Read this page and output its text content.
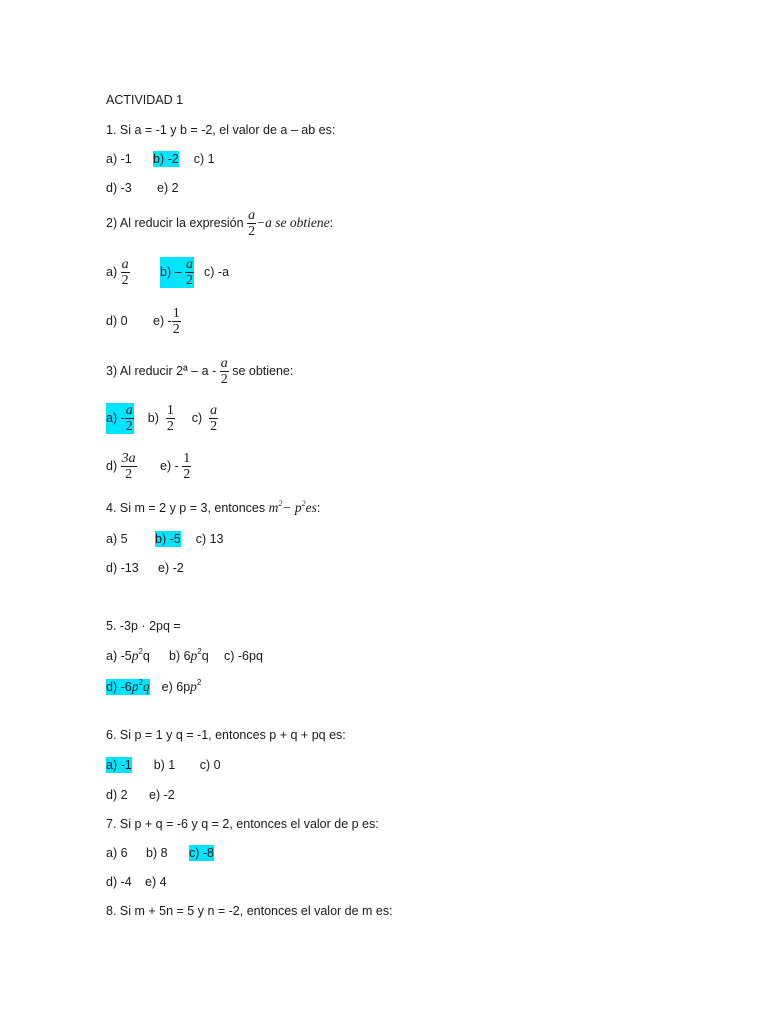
ACTIVIDAD 1
1. Si a = -1 y b = -2, el valor de a – ab es:
a) -1 b) -2 c) 1
d) -3 e) 2
2) Al reducir la expresión $\frac{a}{2} -a$ se obtiene:
$a) \frac{a}{2} b) - \frac{a}{2} c$) -a
d) 0 $e) - \frac{1}{2}$
3) Al reducir 2ª – a - $\frac{a}{2}$ se obtiene:
$a) - \frac{a}{2} b) \frac{1}{2} c) \frac{a}{2}$
$d) \frac{3a}{2} e) - \frac{1}{2}$
4. Si m = 2 y p = 3, entonces $m^2- p^2es$:
a) 5 b) -5 c) 13
d) -13 e) -2
5. -3p · 2pq =
a) $-5p^2q$ b) $6p^2q$ c) -6pq
d) $-6p^2q$ e) $6pp^2$
6. Si p = 1 y q = -1, entonces p + q + pq es:
a) -1 b) 1 c) 0
d) 2 e) -2
7. Si p + q = -6 y q = 2, entonces el valor de p es:
a) 6 b) 8 c) -8
d) -4 e) 4
8. Si m + 5n = 5 y n = -2, entonces el valor de m es:
